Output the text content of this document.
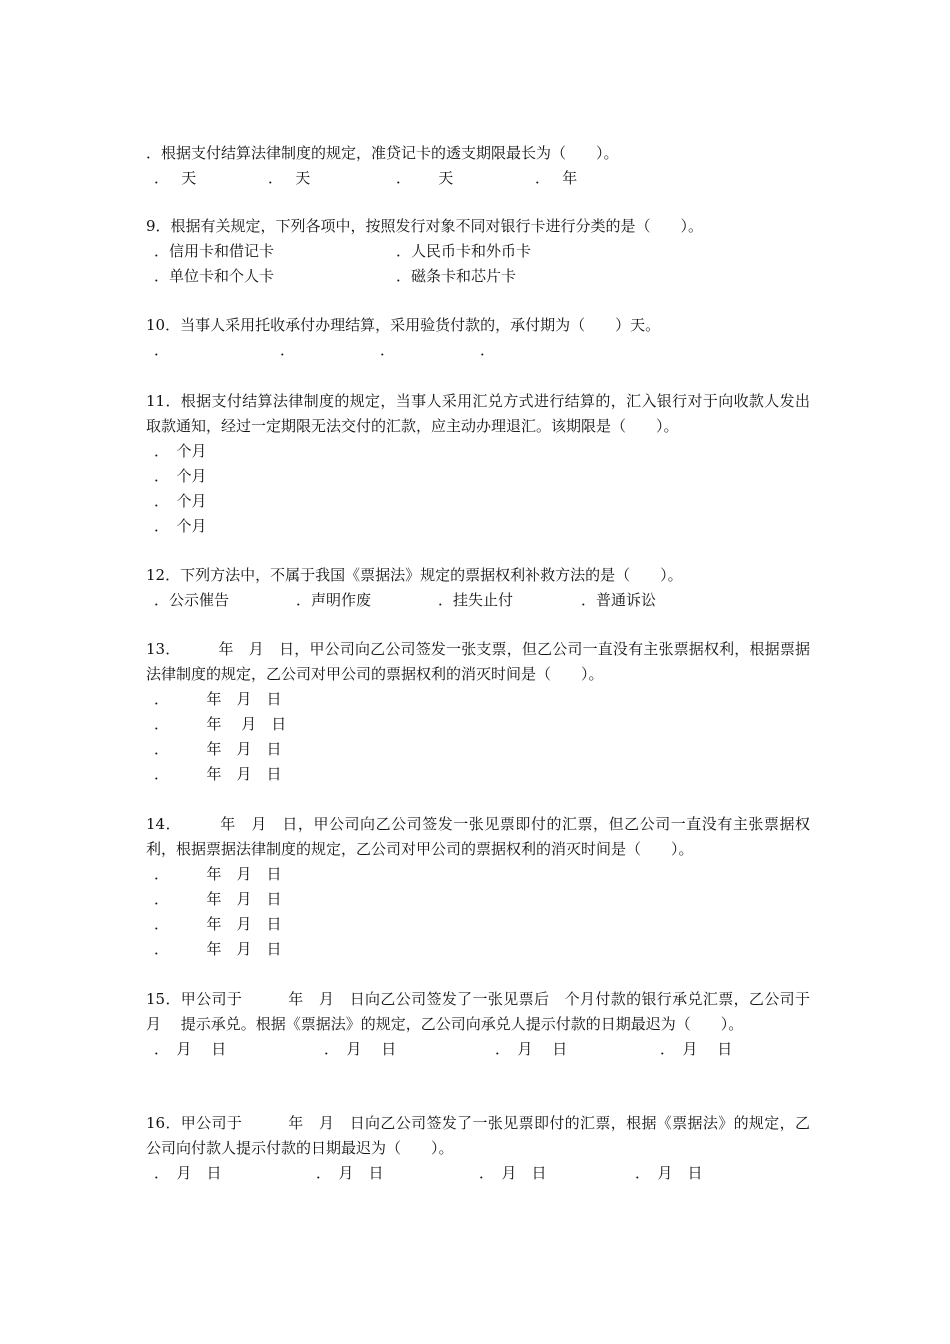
．根据支付结算法律制度的规定，准贷记卡的透支期限最长为（　　）。
．　 天	．　 天	．　　 天	．　 年
9．根据有关规定，下列各项中，按照发行对象不同对银行卡进行分类的是（　　）。
．信用卡和借记卡	．人民币卡和外币卡
．单位卡和个人卡	．磁条卡和芯片卡
10．当事人采用托收承付办理结算，采用验货付款的，承付期为（　　）天。
．	．	．	．
11．根据支付结算法律制度的规定，当事人采用汇兑方式进行结算的，汇入银行对于向收款人发出取款通知，经过一定期限无法交付的汇款，应主动办理退汇。该期限是（　　）。
．　个月
．　个月
．　个月
．　个月
12．下列方法中，不属于我国《票据法》规定的票据权利补救方法的是（　　）。
．公示催告	．声明作废	．挂失止付	．普通诉讼
13．　　　年　月　日，甲公司向乙公司签发一张支票，但乙公司一直没有主张票据权利，根据票据法律制度的规定，乙公司对甲公司的票据权利的消灭时间是（　　）。
．　　　年　月　日
．　　　年　 月　日
．　　　年　月　日
．　　　年　月　日
14．　　　年　月　日，甲公司向乙公司签发一张见票即付的汇票，但乙公司一直没有主张票据权利，根据票据法律制度的规定，乙公司对甲公司的票据权利的消灭时间是（　　）。
．　　　年　月　日
．　　　年　月　日
．　　　年　月　日
．　　　年　月　日
15．甲公司于　　　年　月　日向乙公司签发了一张见票后　个月付款的银行承兑汇票，乙公司于　月　 提示承兑。根据《票据法》的规定，乙公司向承兑人提示付款的日期最迟为（　　）。
．　月　 日	．　月　 日	．　月　 日	．　月　 日
16．甲公司于　　　年　月　日向乙公司签发了一张见票即付的汇票，根据《票据法》的规定，乙公司向付款人提示付款的日期最迟为（　　）。
．　月　日	．　月　日	．　月　日	．　月　日
